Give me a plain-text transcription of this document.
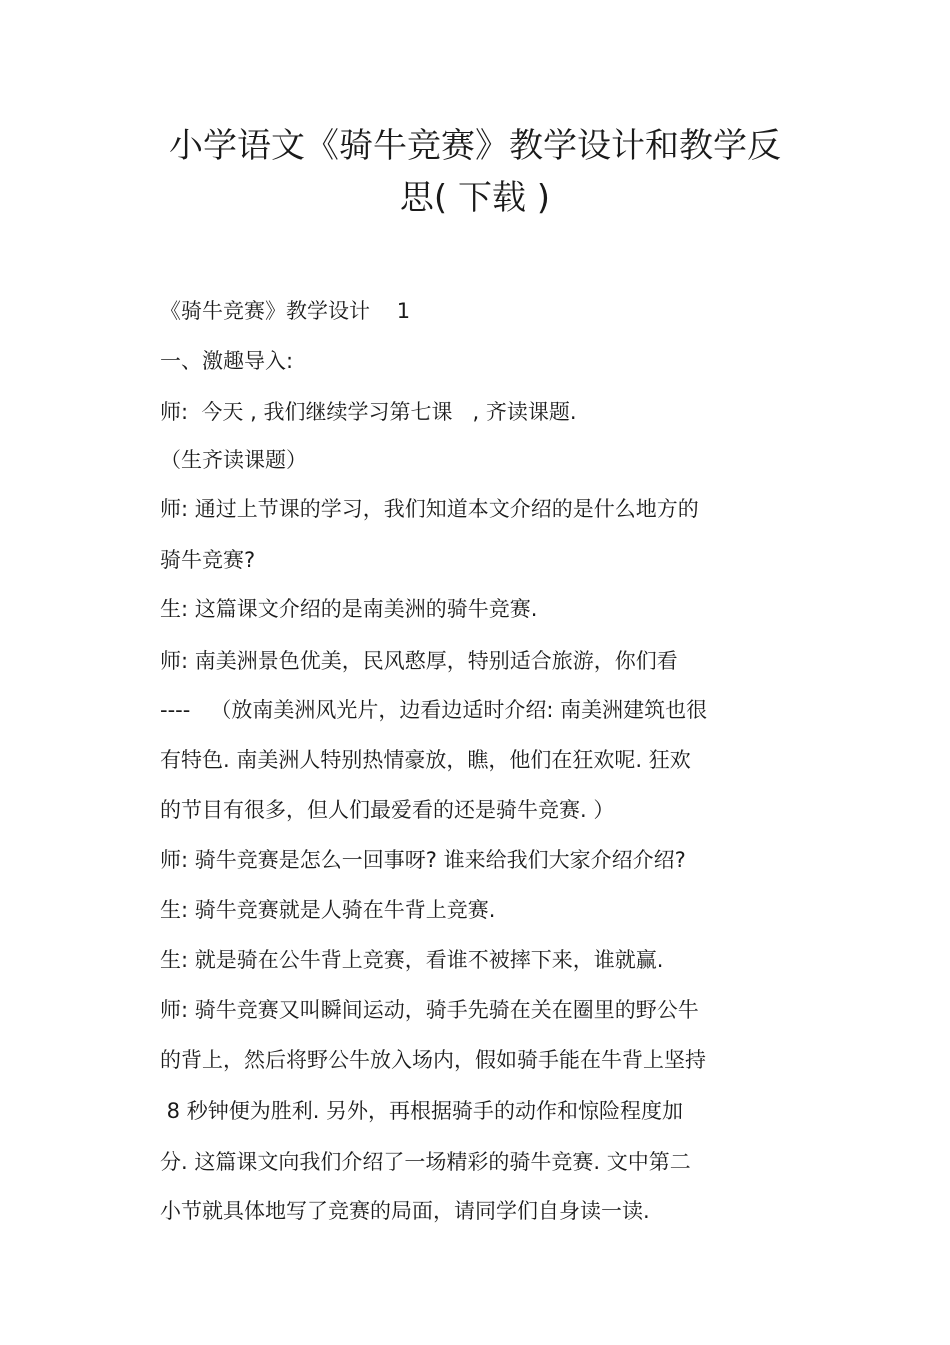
小学语文《骑牛竞赛》教学设计和教学反
思( 下载 )
《骑牛竞赛》教学设计    1
一、激趣导入:
师:  今天 , 我们继续学习第七课   , 齐读课题.
（生齐读课题）
师: 通过上节课的学习，我们知道本文介绍的是什么地方的
骑牛竞赛?
生: 这篇课文介绍的是南美洲的骑牛竞赛.
师: 南美洲景色优美，民风憨厚，特别适合旅游，你们看
----   （放南美洲风光片，边看边适时介绍: 南美洲建筑也很
有特色. 南美洲人特别热情豪放，瞧，他们在狂欢呢. 狂欢
的节目有很多，但人们最爱看的还是骑牛竞赛. ）
师: 骑牛竞赛是怎么一回事呀? 谁来给我们大家介绍介绍?
生: 骑牛竞赛就是人骑在牛背上竞赛.
生: 就是骑在公牛背上竞赛，看谁不被摔下来，谁就赢.
师: 骑牛竞赛又叫瞬间运动，骑手先骑在关在圈里的野公牛
的背上，然后将野公牛放入场内，假如骑手能在牛背上坚持
8 秒钟便为胜利. 另外，再根据骑手的动作和惊险程度加
分. 这篇课文向我们介绍了一场精彩的骑牛竞赛. 文中第二
小节就具体地写了竞赛的局面，请同学们自身读一读.
